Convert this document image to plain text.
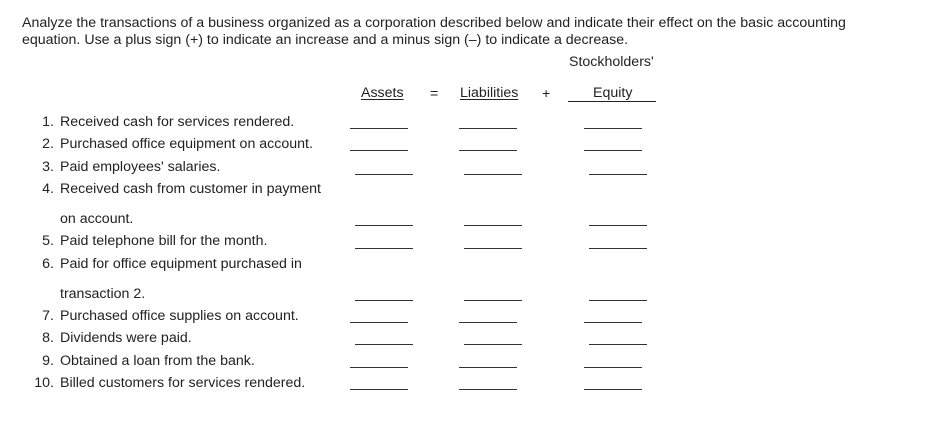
Analyze the transactions of a business organized as a corporation described below and indicate their effect on the basic accounting
equation. Use a plus sign (+) to indicate an increase and a minus sign (–) to indicate a decrease.
Stockholders'
Assets = Liabilities +	Equity
1. Received cash for services rendered.
2. Purchased office equipment on account.
3. Paid employees' salaries.
4. Received cash from customer in payment
on account.
5. Paid telephone bill for the month.
6. Paid for office equipment purchased in
transaction 2.
7. Purchased office supplies on account.
8. Dividends were paid.
9. Obtained a loan from the bank.
10. Billed customers for services rendered.
